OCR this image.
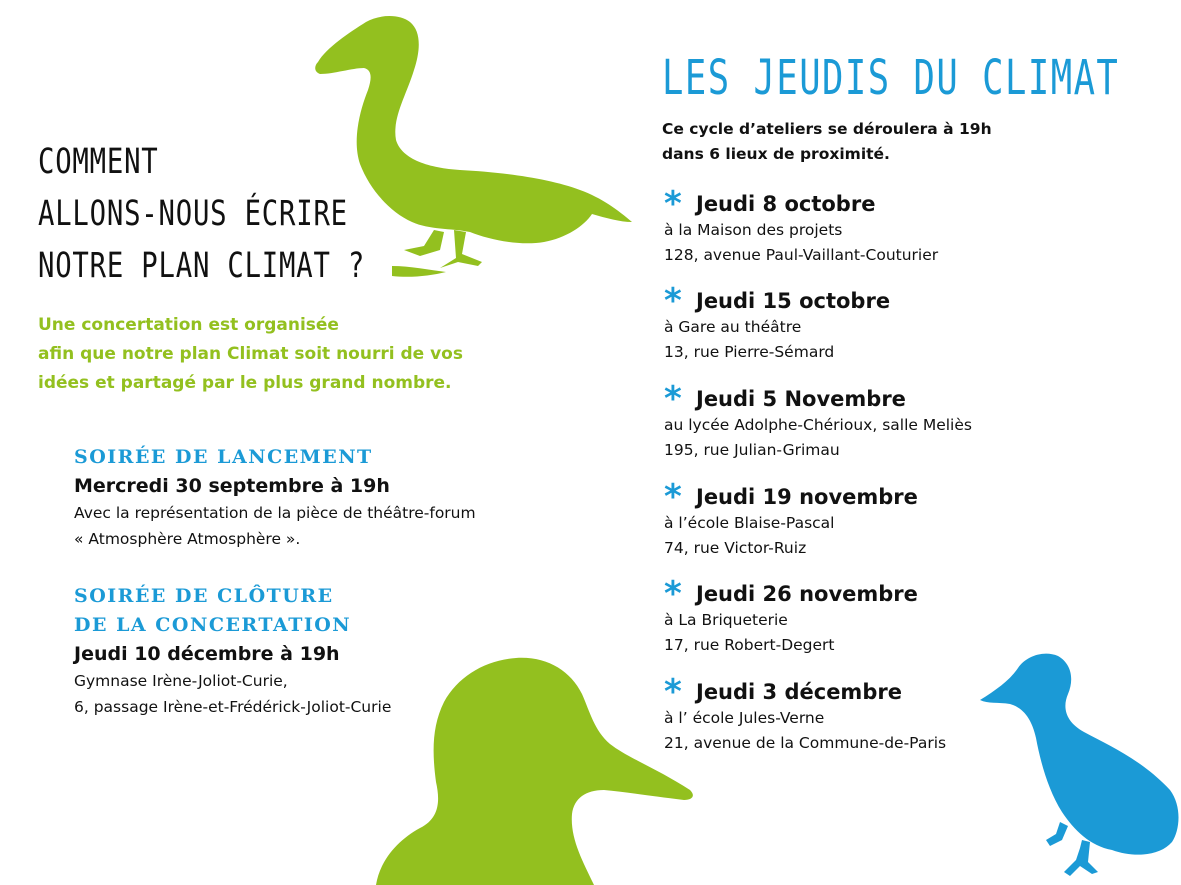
COMMENT
ALLONS-NOUS ÉCRIRE
NOTRE PLAN CLIMAT ?
Une concertation est organisée
afin que notre plan Climat soit nourri de vos
idées et partagé par le plus grand nombre.
SOIRÉE DE LANCEMENT
Mercredi 30 septembre à 19h
Avec la représentation de la pièce de théâtre-forum
« Atmosphère Atmosphère ».
SOIRÉE DE CLÔTURE
DE LA CONCERTATION
Jeudi 10 décembre à 19h
Gymnase Irène-Joliot-Curie,
6, passage Irène-et-Frédérick-Joliot-Curie
LES JEUDIS DU CLIMAT
Ce cycle d’ateliers se déroulera à 19h
dans 6 lieux de proximité.
* Jeudi 8 octobre
à la Maison des projets
128, avenue Paul-Vaillant-Couturier
* Jeudi 15 octobre
à Gare au théâtre
13, rue Pierre-Sémard
* Jeudi 5 Novembre
au lycée Adolphe-Chérioux, salle Meliès
195, rue Julian-Grimau
* Jeudi 19 novembre
à l’école Blaise-Pascal
74, rue Victor-Ruiz
* Jeudi 26 novembre
à La Briqueterie
17, rue Robert-Degert
* Jeudi 3 décembre
à l’ école Jules-Verne
21, avenue de la Commune-de-Paris
